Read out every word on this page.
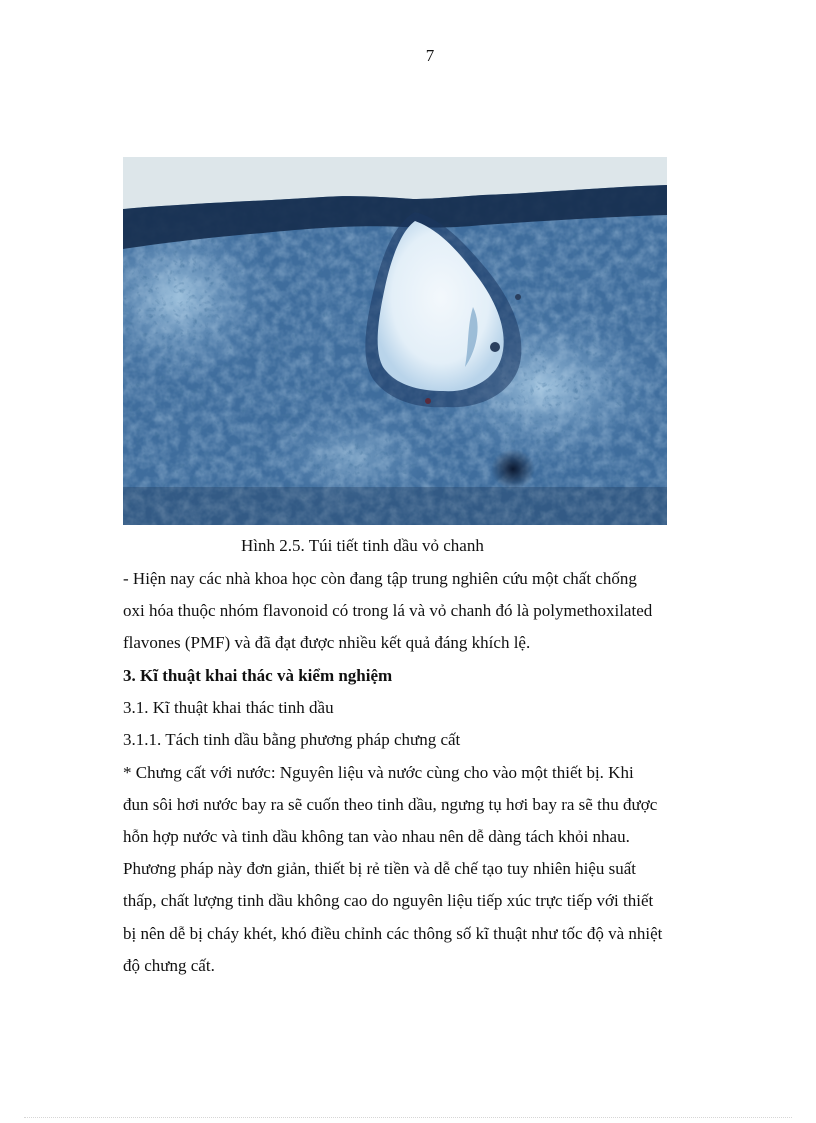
7
Hình 2.5. Túi tiết tinh dầu vỏ chanh
- Hiện nay các nhà khoa học còn đang tập trung nghiên cứu một chất chống
oxi hóa thuộc nhóm flavonoid có trong lá và vỏ chanh đó là polymethoxilated
flavones (PMF) và đã đạt được nhiều kết quả đáng khích lệ.
3. Kĩ thuật khai thác và kiểm nghiệm
3.1. Kĩ thuật khai thác tinh dầu
3.1.1. Tách tinh dầu bằng phương pháp chưng cất
* Chưng cất với nước: Nguyên liệu và nước cùng cho vào một thiết bị. Khi
đun sôi hơi nước bay ra sẽ cuốn theo tinh dầu, ngưng tụ hơi bay ra sẽ thu được
hỗn hợp nước và tinh dầu không tan vào nhau nên dễ dàng tách khỏi nhau.
Phương pháp này đơn giản, thiết bị rẻ tiền và dễ chế tạo tuy nhiên hiệu suất
thấp, chất lượng tinh dầu không cao do nguyên liệu tiếp xúc trực tiếp với thiết
bị nên dễ bị cháy khét, khó điều chỉnh các thông số kĩ thuật như tốc độ và nhiệt
độ chưng cất.
